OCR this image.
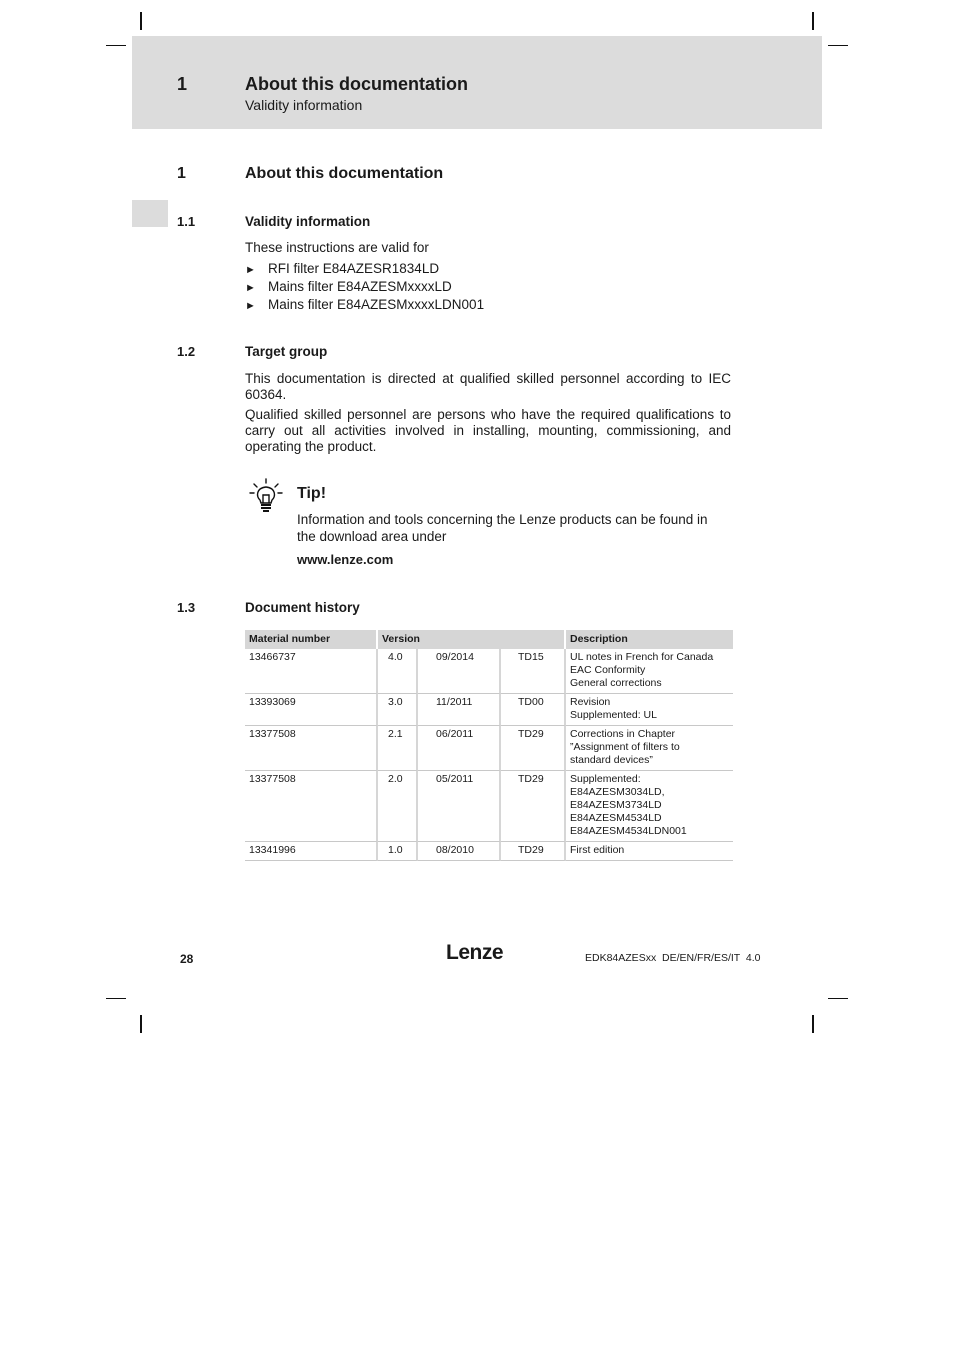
1	About this documentation
Validity information
1	About this documentation
1.1	Validity information
These instructions are valid for
► RFI filter E84AZESR1834LD
► Mains filter E84AZESMxxxxLD
► Mains filter E84AZESMxxxxLDN001
1.2	Target group
This documentation is directed at qualified skilled personnel according to IEC 60364.
Qualified skilled personnel are persons who have the required qualifications to carry out all activities involved in installing, mounting, commissioning, and operating the product.
Tip!
Information and tools concerning the Lenze products can be found in the download area under
www.lenze.com
1.3	Document history
Material number	Version			Description
13466737	4.0	09/2014	TD15	UL notes in French for Canada
EAC Conformity
General corrections

13393069	3.0	11/2011	TD00	Revision
Supplemented: UL

13377508	2.1	06/2011	TD29	Corrections in Chapter
”Assignment of filters to
standard devices”

13377508	2.0	05/2011	TD29	Supplemented:
E84AZESM3034LD,
E84AZESM3734LD
E84AZESM4534LD
E84AZESM4534LDN001

13341996	1.0	08/2010	TD29	First edition
28	Lenze	EDK84AZESxx  DE/EN/FR/ES/IT  4.0
